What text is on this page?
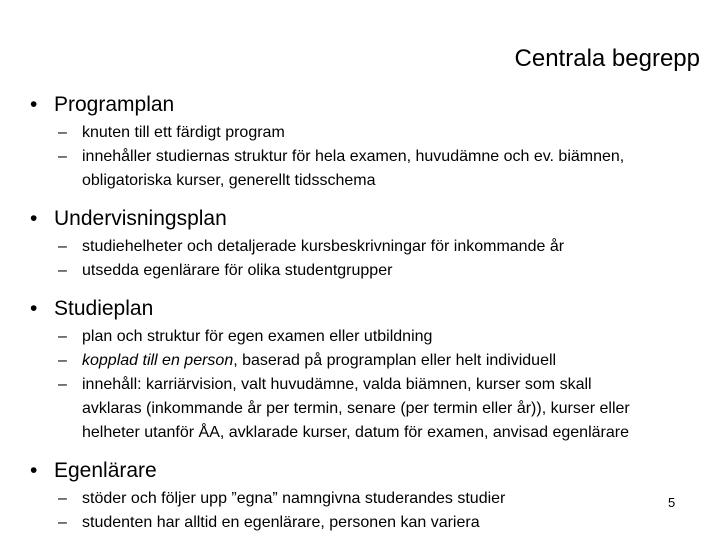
Centrala begrepp
• Programplan
– knuten till ett färdigt program
– innehåller studiernas struktur för hela examen, huvudämne och ev. biämnen,
obligatoriska kurser, generellt tidsschema
• Undervisningsplan
– studiehelheter och detaljerade kursbeskrivningar för inkommande år
– utsedda egenlärare för olika studentgrupper
• Studieplan
– plan och struktur för egen examen eller utbildning
– kopplad till en person, baserad på programplan eller helt individuell
– innehåll: karriärvision, valt huvudämne, valda biämnen, kurser som skall
avklaras (inkommande år per termin, senare (per termin eller år)), kurser eller
helheter utanför ÅA, avklarade kurser, datum för examen, anvisad egenlärare
• Egenlärare
– stöder och följer upp ”egna” namngivna studerandes studier
– studenten har alltid en egenlärare, personen kan variera
5
